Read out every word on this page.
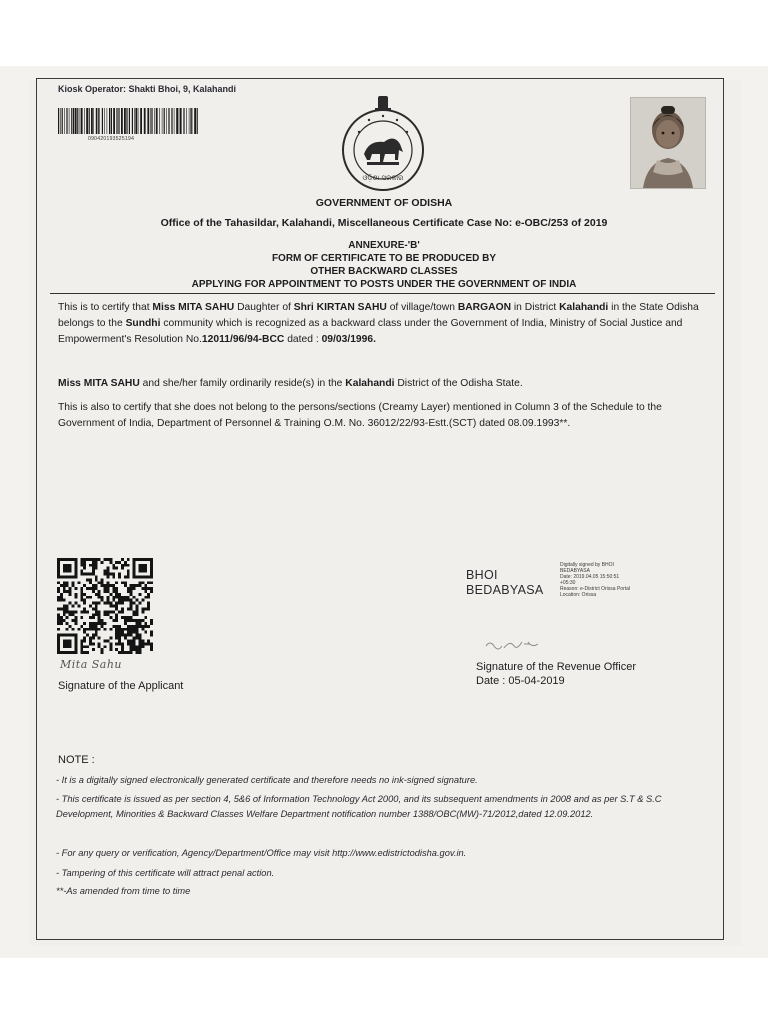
Kiosk Operator: Shakti Bhoi, 9, Kalahandi
090420193525194
ଓଡ଼ିଶା ସରକାର
GOVERNMENT OF ODISHA
Office of the Tahasildar, Kalahandi, Miscellaneous Certificate Case No: e-OBC/253 of 2019
ANNEXURE-'B'
FORM OF CERTIFICATE TO BE PRODUCED BY
OTHER BACKWARD CLASSES
APPLYING FOR APPOINTMENT TO POSTS UNDER THE GOVERNMENT OF INDIA
This is to certify that Miss MITA SAHU Daughter of Shri KIRTAN SAHU of village/town BARGAON in District Kalahandi in the State Odisha belongs to the Sundhi community which is recognized as a backward class under the Government of India, Ministry of Social Justice and Empowerment's Resolution No.12011/96/94-BCC dated : 09/03/1996.
Miss MITA SAHU and she/her family ordinarily reside(s) in the Kalahandi District of the Odisha State.
This is also to certify that she does not belong to the persons/sections (Creamy Layer) mentioned in Column 3 of the Schedule to the Government of India, Department of Personnel & Training O.M. No. 36012/22/93-Estt.(SCT) dated 08.09.1993**.
BHOI
BEDABYASA
Digitally signed by BHOI
BEDABYASA
Date: 2019.04.05 15:50:51
+05:30
Reason: e-District Orissa Portal
Location: Orissa
Signature of the Revenue Officer
Date : 05-04-2019
Mita Sahu
Signature of the Applicant
NOTE :
- It is a digitally signed electronically generated certificate and therefore needs no ink-signed signature.
- This certificate is issued as per section 4, 5&6 of Information Technology Act 2000, and its subsequent amendments in 2008 and as per S.T & S.C Development, Minorities & Backward Classes Welfare Department notification number 1388/OBC(MW)-71/2012,dated 12.09.2012.
- For any query or verification, Agency/Department/Office may visit http://www.edistrictodisha.gov.in.
- Tampering of this certificate will attract penal action.
**-As amended from time to time
